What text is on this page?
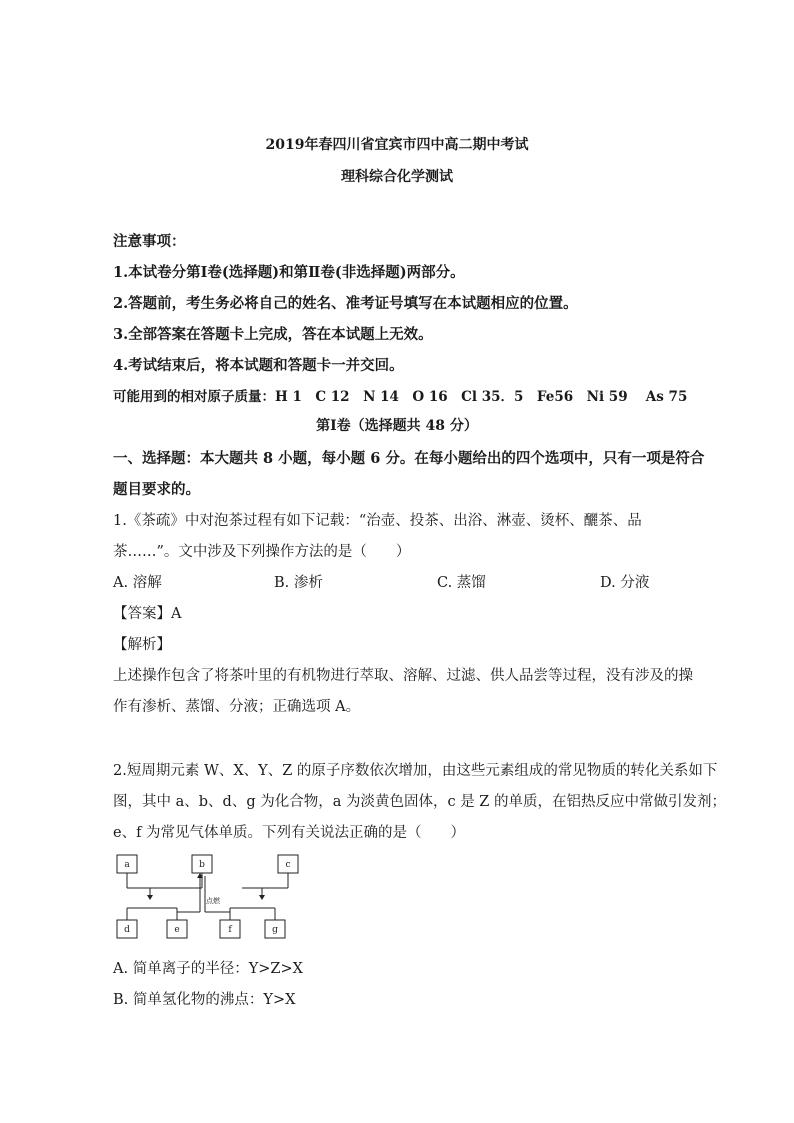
2019年春四川省宜宾市四中高二期中考试
理科综合化学测试
注意事项：
1.本试卷分第Ⅰ卷(选择题)和第Ⅱ卷(非选择题)两部分。
2.答题前，考生务必将自己的姓名、准考证号填写在本试题相应的位置。
3.全部答案在答题卡上完成，答在本试题上无效。
4.考试结束后，将本试题和答题卡一并交回。
可能用到的相对原子质量：H 1　C 12　N 14　O 16　Cl 35．5　Fe56　Ni 59　 As 75
第Ⅰ卷（选择题共 48 分）
一、选择题：本大题共 8 小题，每小题 6 分。在每小题给出的四个选项中，只有一项是符合
题目要求的。
1.《茶疏》中对泡茶过程有如下记载：“治壶、投茶、出浴、淋壶、烫杯、釃茶、品
茶……”。文中涉及下列操作方法的是（　　）
A. 溶解	B. 渗析	C. 蒸馏	D. 分液
【答案】A
【解析】
上述操作包含了将茶叶里的有机物进行萃取、溶解、过滤、供人品尝等过程，没有涉及的操
作有渗析、蒸馏、分液；正确选项 A。
2.短周期元素 W、X、Y、Z 的原子序数依次增加，由这些元素组成的常见物质的转化关系如下
图，其中 a、b、d、g 为化合物，a 为淡黄色固体，c 是 Z 的单质，在铝热反应中常做引发剂；
e、f 为常见气体单质。下列有关说法正确的是（　　）
a	b	c
d	e	f	g
点燃
A. 简单离子的半径：Y>Z>X
B. 简单氢化物的沸点：Y>X
